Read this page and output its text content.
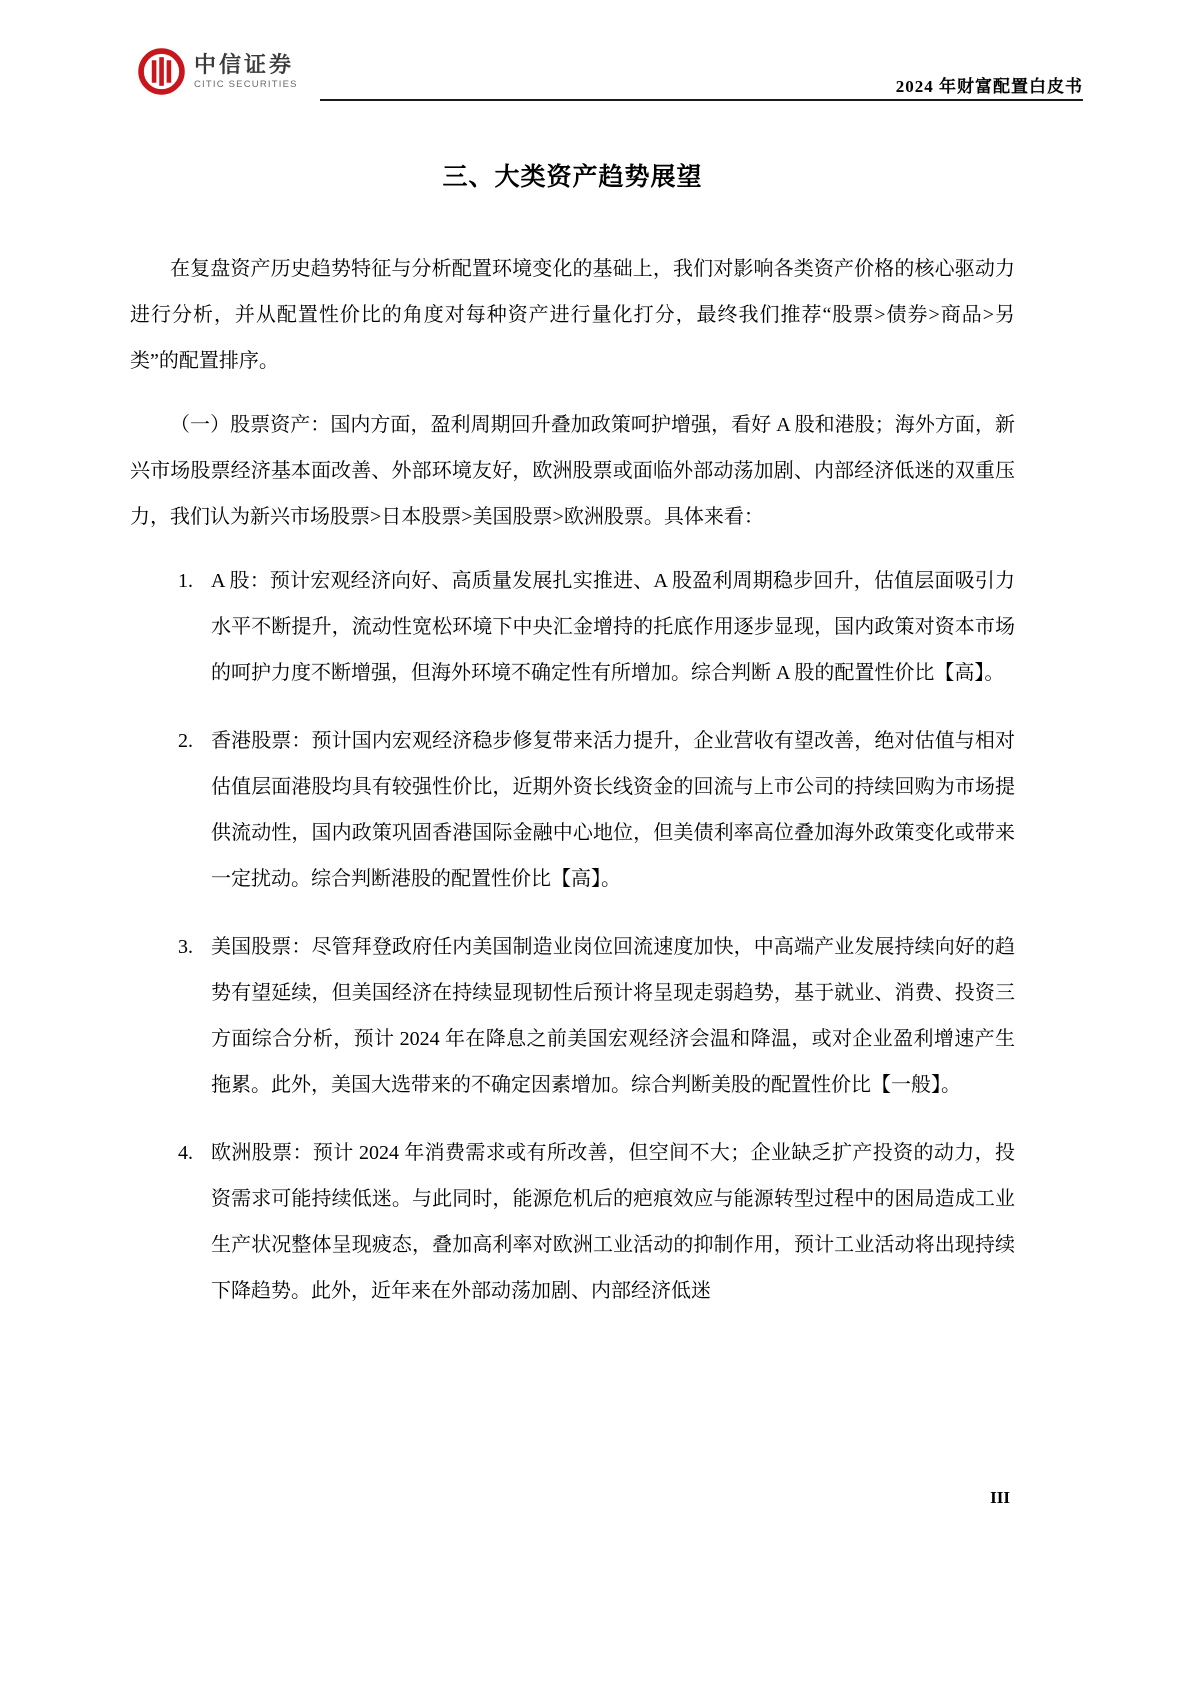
中信证券
CITIC SECURITIES	2024 年财富配置白皮书
三、大类资产趋势展望

在复盘资产历史趋势特征与分析配置环境变化的基础上，我们对影响各类资产价格的核心驱动力进行分析，并从配置性价比的角度对每种资产进行量化打分，最终我们推荐“股票>债券>商品>另类”的配置排序。

（一）股票资产：国内方面，盈利周期回升叠加政策呵护增强，看好 A 股和港股；海外方面，新兴市场股票经济基本面改善、外部环境友好，欧洲股票或面临外部动荡加剧、内部经济低迷的双重压力，我们认为新兴市场股票>日本股票>美国股票>欧洲股票。具体来看：

1. A 股：预计宏观经济向好、高质量发展扎实推进、A 股盈利周期稳步回升，估值层面吸引力水平不断提升，流动性宽松环境下中央汇金增持的托底作用逐步显现，国内政策对资本市场的呵护力度不断增强，但海外环境不确定性有所增加。综合判断 A 股的配置性价比【高】。
2. 香港股票：预计国内宏观经济稳步修复带来活力提升，企业营收有望改善，绝对估值与相对估值层面港股均具有较强性价比，近期外资长线资金的回流与上市公司的持续回购为市场提供流动性，国内政策巩固香港国际金融中心地位，但美债利率高位叠加海外政策变化或带来一定扰动。综合判断港股的配置性价比【高】。
3. 美国股票：尽管拜登政府任内美国制造业岗位回流速度加快，中高端产业发展持续向好的趋势有望延续，但美国经济在持续显现韧性后预计将呈现走弱趋势，基于就业、消费、投资三方面综合分析，预计 2024 年在降息之前美国宏观经济会温和降温，或对企业盈利增速产生拖累。此外，美国大选带来的不确定因素增加。综合判断美股的配置性价比【一般】。
4. 欧洲股票：预计 2024 年消费需求或有所改善，但空间不大；企业缺乏扩产投资的动力，投资需求可能持续低迷。与此同时，能源危机后的疤痕效应与能源转型过程中的困局造成工业生产状况整体呈现疲态，叠加高利率对欧洲工业活动的抑制作用，预计工业活动将出现持续下降趋势。此外，近年来在外部动荡加剧、内部经济低迷
III
